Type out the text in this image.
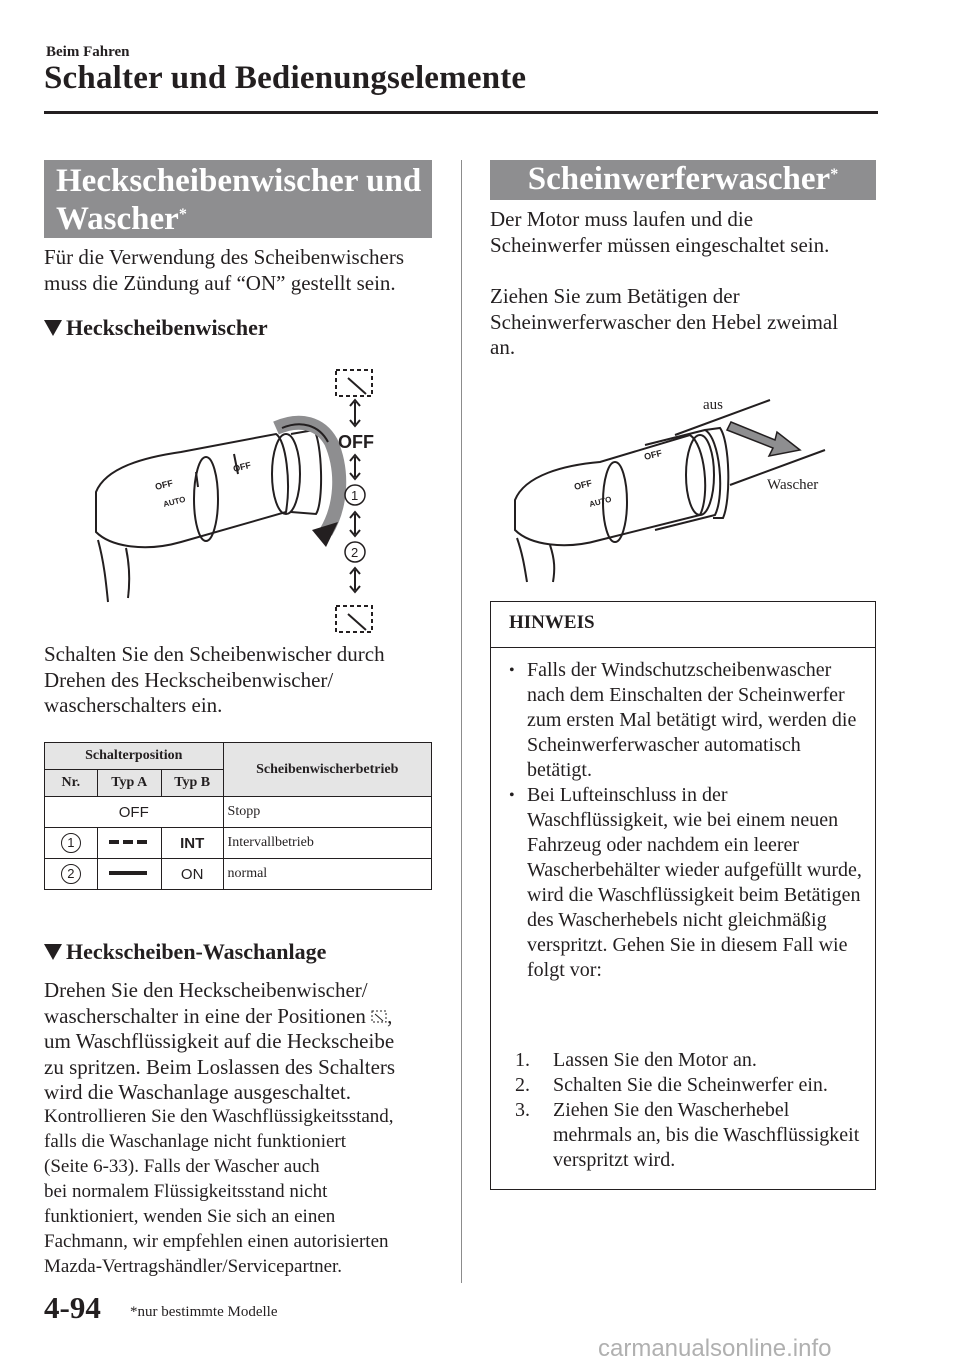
Beim Fahren
Schalter und Bedienungselemente
Heckscheibenwischer und
Wascher*
Für die Verwendung des Scheibenwischers muss die Zündung auf “ON” gestellt sein.
Heckscheibenwischer
OFF
1
2
OFF
AUTO
OFF
Schalten Sie den Scheibenwischer durch
Drehen des Heckscheibenwischer/
wascherschalters ein.
Schalterposition			Scheibenwischerbetrieb
Nr.	Typ A	Typ B	
OFF			Stopp
1		INT	Intervallbetrieb
2		ON	normal
Heckscheiben-Waschanlage
Drehen Sie den Heckscheibenwischer/
wascherschalter in eine der Positionen ,
um Waschflüssigkeit auf die Heckscheibe
zu spritzen. Beim Loslassen des Schalters
wird die Waschanlage ausgeschaltet.
Kontrollieren Sie den Waschflüssigkeitsstand,
falls die Waschanlage nicht funktioniert
(Seite 6-33). Falls der Wascher auch
bei normalem Flüssigkeitsstand nicht
funktioniert, wenden Sie sich an einen
Fachmann, wir empfehlen einen autorisierten
Mazda-Vertragshändler/Servicepartner.
Scheinwerferwascher*
Der Motor muss laufen und die
Scheinwerfer müssen eingeschaltet sein.
Ziehen Sie zum Betätigen der
Scheinwerferwascher den Hebel zweimal
an.
OFF
AUTO
OFF
aus
Wascher
HINWEIS
• Falls der Windschutzscheibenwascher nach dem Einschalten der Scheinwerfer zum ersten Mal betätigt wird, werden die Scheinwerferwascher automatisch betätigt.
• Bei Lufteinschluss in der Waschflüssigkeit, wie bei einem neuen Fahrzeug oder nachdem ein leerer Wascherbehälter wieder aufgefüllt wurde, wird die Waschflüssigkeit beim Betätigen des Wascherhebels nicht gleichmäßig verspritzt. Gehen Sie in diesem Fall wie folgt vor:
1. Lassen Sie den Motor an.
2. Schalten Sie die Scheinwerfer ein.
3. Ziehen Sie den Wascherhebel mehrmals an, bis die Waschflüssigkeit verspritzt wird.
4-94 *nur bestimmte Modelle
carmanualsonline.info
